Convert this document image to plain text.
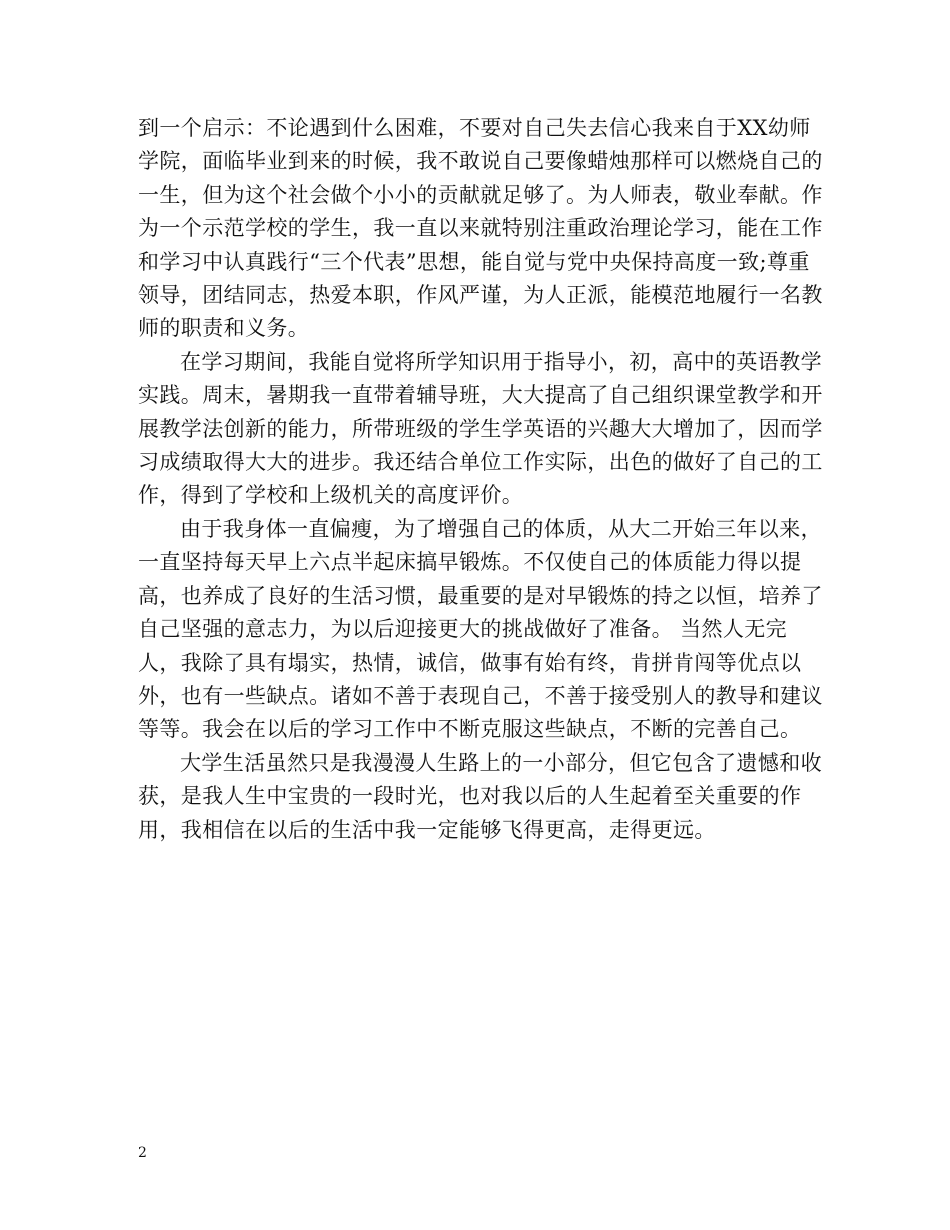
到一个启示：不论遇到什么困难，不要对自己失去信心我来自于XX幼师学院，面临毕业到来的时候，我不敢说自己要像蜡烛那样可以燃烧自己的一生，但为这个社会做个小小的贡献就足够了。为人师表，敬业奉献。作为一个示范学校的学生，我一直以来就特别注重政治理论学习，能在工作和学习中认真践行“三个代表”思想，能自觉与党中央保持高度一致;尊重领导，团结同志，热爱本职，作风严谨，为人正派，能模范地履行一名教师的职责和义务。

在学习期间，我能自觉将所学知识用于指导小，初，高中的英语教学实践。周末，暑期我一直带着辅导班，大大提高了自己组织课堂教学和开展教学法创新的能力，所带班级的学生学英语的兴趣大大增加了，因而学习成绩取得大大的进步。我还结合单位工作实际，出色的做好了自己的工作，得到了学校和上级机关的高度评价。

由于我身体一直偏瘦，为了增强自己的体质，从大二开始三年以来，一直坚持每天早上六点半起床搞早锻炼。不仅使自己的体质能力得以提高，也养成了良好的生活习惯，最重要的是对早锻炼的持之以恒，培养了自己坚强的意志力，为以后迎接更大的挑战做好了准备。 当然人无完人，我除了具有塌实，热情，诚信，做事有始有终，肯拼肯闯等优点以外，也有一些缺点。诸如不善于表现自己，不善于接受别人的教导和建议等等。我会在以后的学习工作中不断克服这些缺点，不断的完善自己。

大学生活虽然只是我漫漫人生路上的一小部分，但它包含了遗憾和收获，是我人生中宝贵的一段时光，也对我以后的人生起着至关重要的作用，我相信在以后的生活中我一定能够飞得更高，走得更远。

2
